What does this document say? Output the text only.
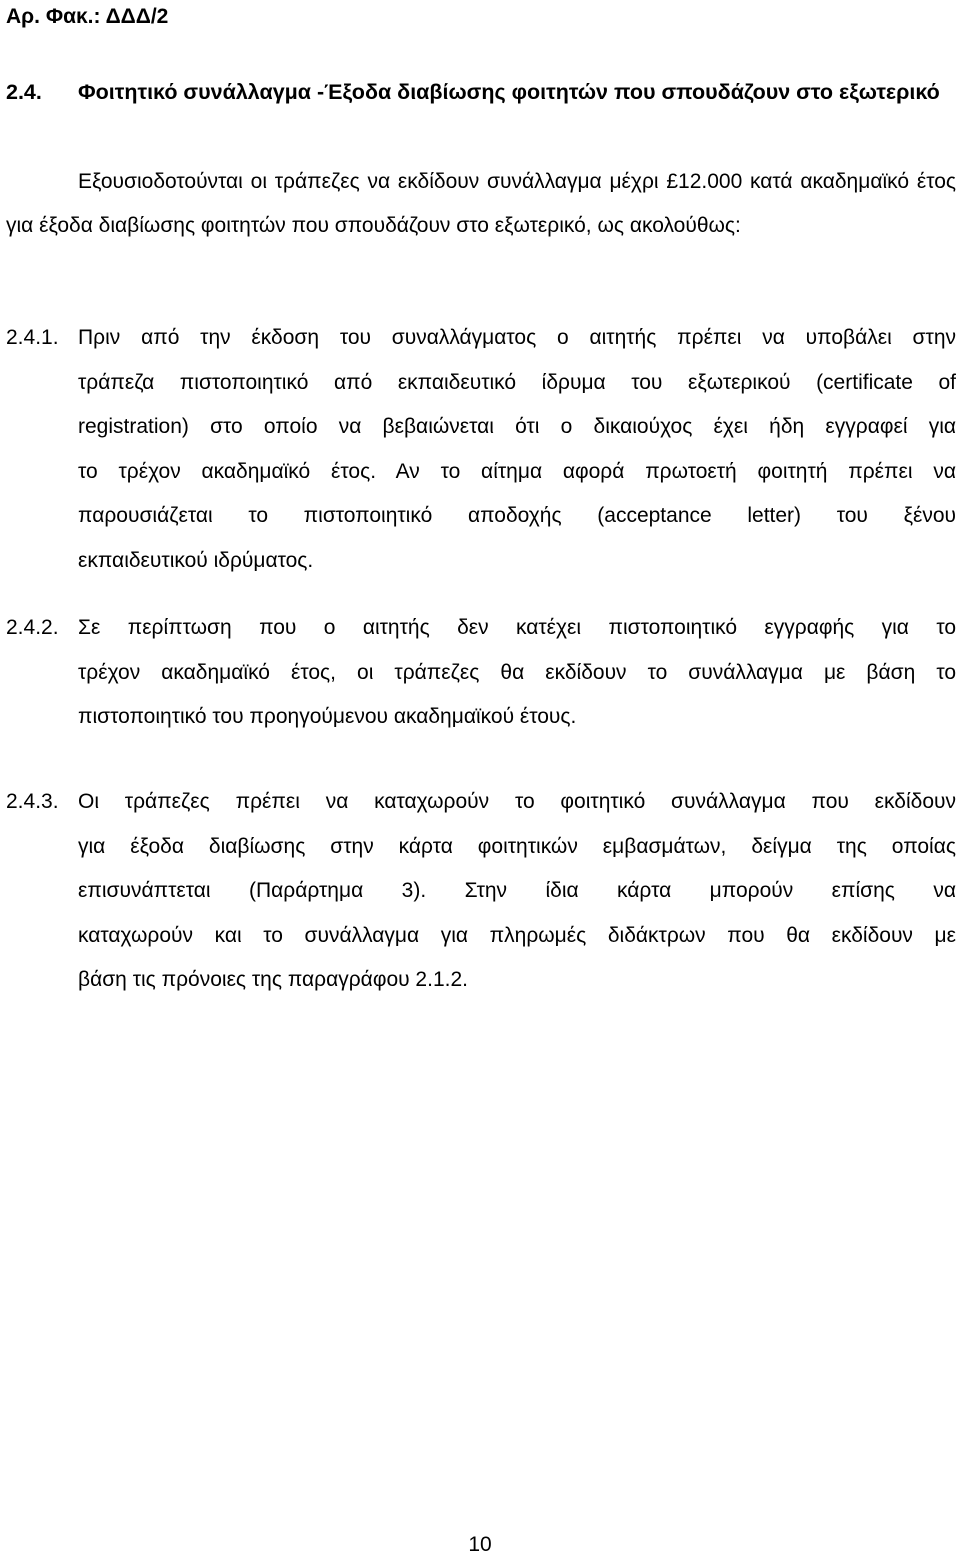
Αρ. Φακ.: ΔΔΔ/2
2.4. Φοιτητικό συνάλλαγμα -Έξοδα διαβίωσης φοιτητών που σπουδάζουν στο εξωτερικό
Εξουσιοδοτούνται οι τράπεζες να εκδίδουν συνάλλαγμα μέχρι £12.000 κατά ακαδημαϊκό έτος για έξοδα διαβίωσης φοιτητών που σπουδάζουν στο εξωτερικό, ως ακολούθως:
2.4.1. Πριν από την έκδοση του συναλλάγματος ο αιτητής πρέπει να υποβάλει στην
τράπεζα πιστοποιητικό από εκπαιδευτικό ίδρυμα του εξωτερικού (certificate of
registration) στο οποίο να βεβαιώνεται ότι ο δικαιούχος έχει ήδη εγγραφεί για
το τρέχον ακαδημαϊκό έτος. Αν το αίτημα αφορά πρωτοετή φοιτητή πρέπει να
παρουσιάζεται το πιστοποιητικό αποδοχής (acceptance letter) του ξένου
εκπαιδευτικού ιδρύματος.
2.4.2. Σε περίπτωση που ο αιτητής δεν κατέχει πιστοποιητικό εγγραφής για το
τρέχον ακαδημαϊκό έτος, οι τράπεζες θα εκδίδουν το συνάλλαγμα με βάση το
πιστοποιητικό του προηγούμενου ακαδημαϊκού έτους.
2.4.3. Οι τράπεζες πρέπει να καταχωρούν το φοιτητικό συνάλλαγμα που εκδίδουν
για έξοδα διαβίωσης στην κάρτα φοιτητικών εμβασμάτων, δείγμα της οποίας
επισυνάπτεται (Παράρτημα 3). Στην ίδια κάρτα μπορούν επίσης να
καταχωρούν και το συνάλλαγμα για πληρωμές διδάκτρων που θα εκδίδουν με
βάση τις πρόνοιες της παραγράφου 2.1.2.
10
